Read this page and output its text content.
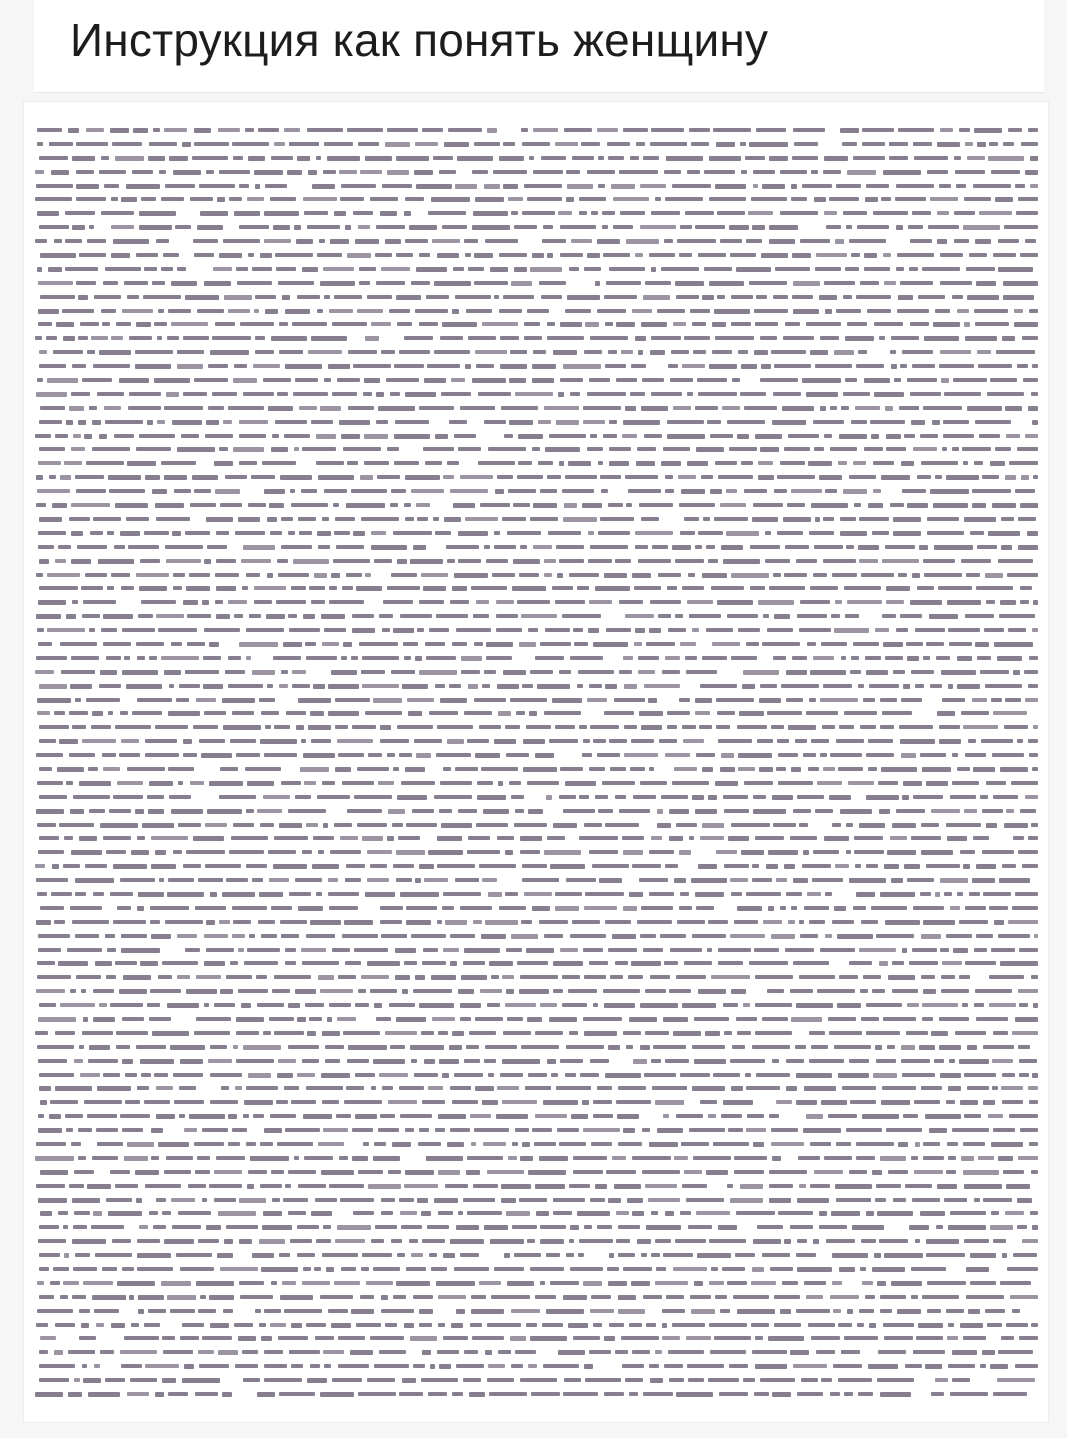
Инструкция как понять женщину
